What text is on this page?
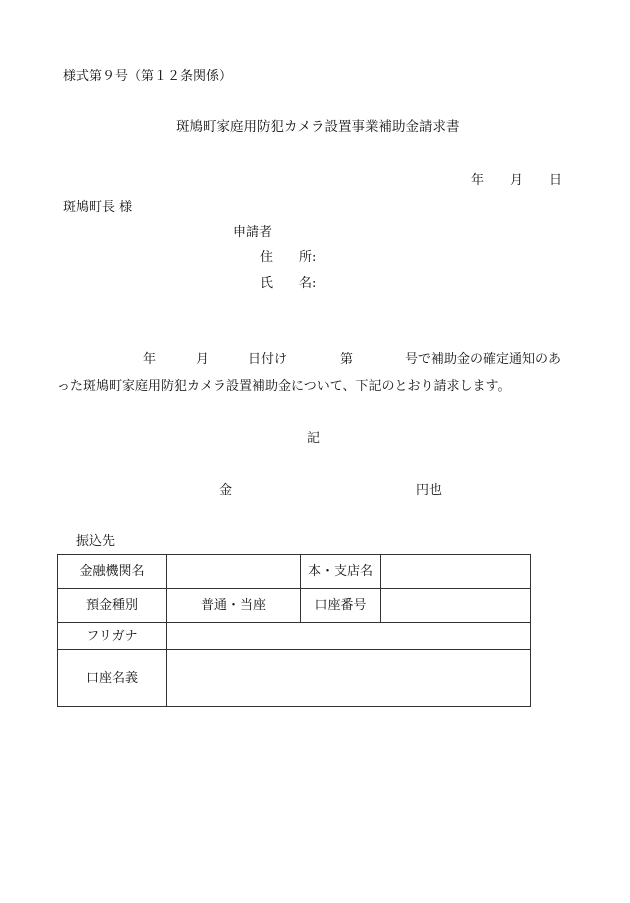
様式第９号（第１２条関係）
斑鳩町家庭用防犯カメラ設置事業補助金請求書
年 月 日
斑鳩町長 様
申請者
住　　所:
氏　　名:
年	月	日付け	第	号で補助金の確定通知のあ
った斑鳩町家庭用防犯カメラ設置補助金について、下記のとおり請求します。
記
金	円也
振込先
金融機関名		本・支店名	
預金種別	普通・当座	口座番号	
フリガナ			
口座名義			
